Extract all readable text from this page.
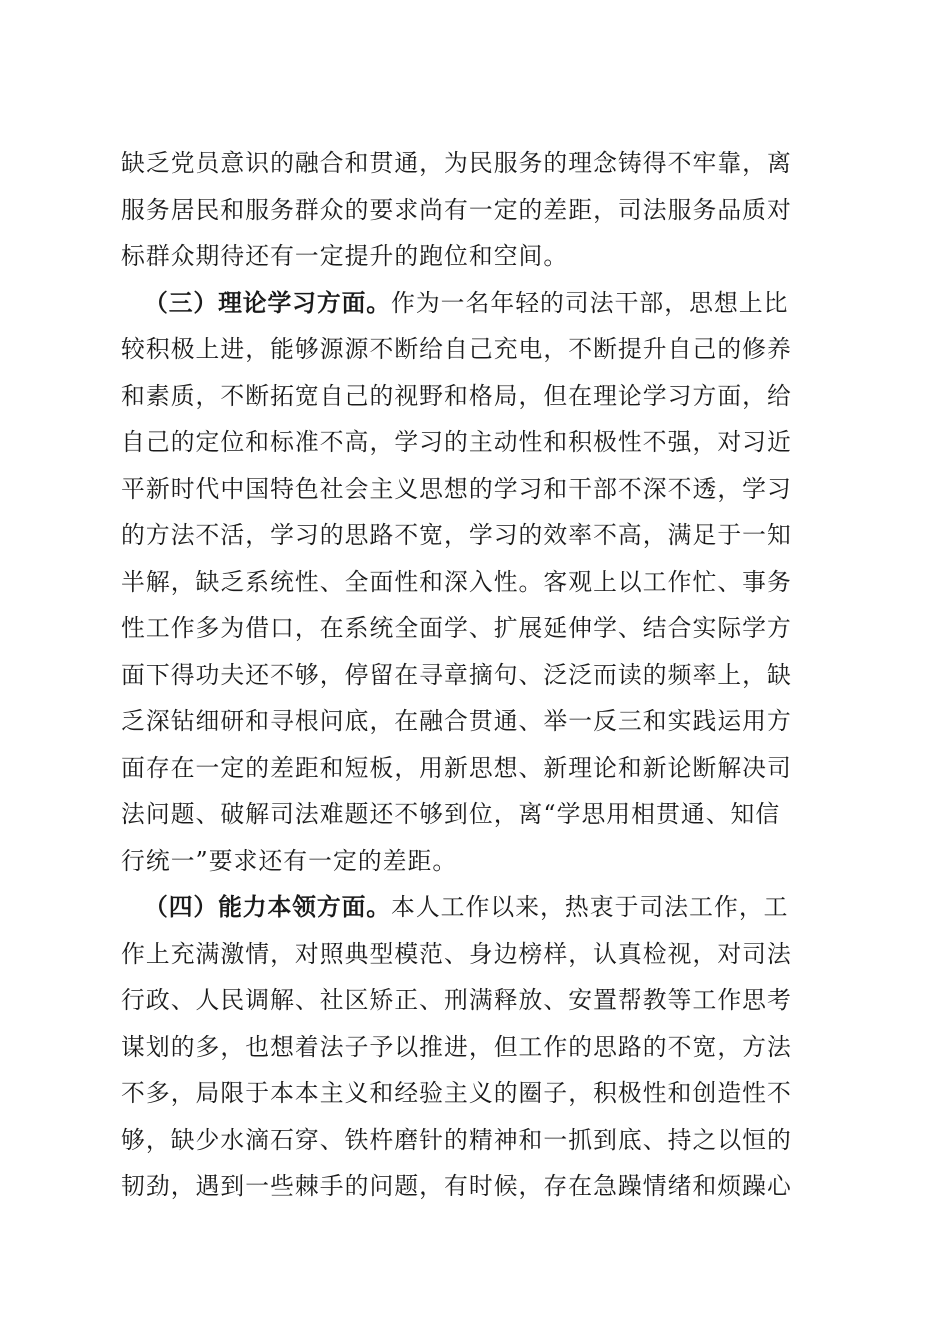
缺乏党员意识的融合和贯通，为民服务的理念铸得不牢靠，离
服务居民和服务群众的要求尚有一定的差距，司法服务品质对
标群众期待还有一定提升的跑位和空间。
（三）理论学习方面。作为一名年轻的司法干部，思想上比
较积极上进，能够源源不断给自己充电，不断提升自己的修养
和素质，不断拓宽自己的视野和格局，但在理论学习方面，给
自己的定位和标准不高，学习的主动性和积极性不强，对习近
平新时代中国特色社会主义思想的学习和干部不深不透，学习
的方法不活，学习的思路不宽，学习的效率不高，满足于一知
半解，缺乏系统性、全面性和深入性。客观上以工作忙、事务
性工作多为借口，在系统全面学、扩展延伸学、结合实际学方
面下得功夫还不够，停留在寻章摘句、泛泛而读的频率上，缺
乏深钻细研和寻根问底，在融合贯通、举一反三和实践运用方
面存在一定的差距和短板，用新思想、新理论和新论断解决司
法问题、破解司法难题还不够到位，离“学思用相贯通、知信
行统一”要求还有一定的差距。
（四）能力本领方面。本人工作以来，热衷于司法工作，工
作上充满激情，对照典型模范、身边榜样，认真检视，对司法
行政、人民调解、社区矫正、刑满释放、安置帮教等工作思考
谋划的多，也想着法子予以推进，但工作的思路的不宽，方法
不多，局限于本本主义和经验主义的圈子，积极性和创造性不
够，缺少水滴石穿、铁杵磨针的精神和一抓到底、持之以恒的
韧劲，遇到一些棘手的问题，有时候，存在急躁情绪和烦躁心
